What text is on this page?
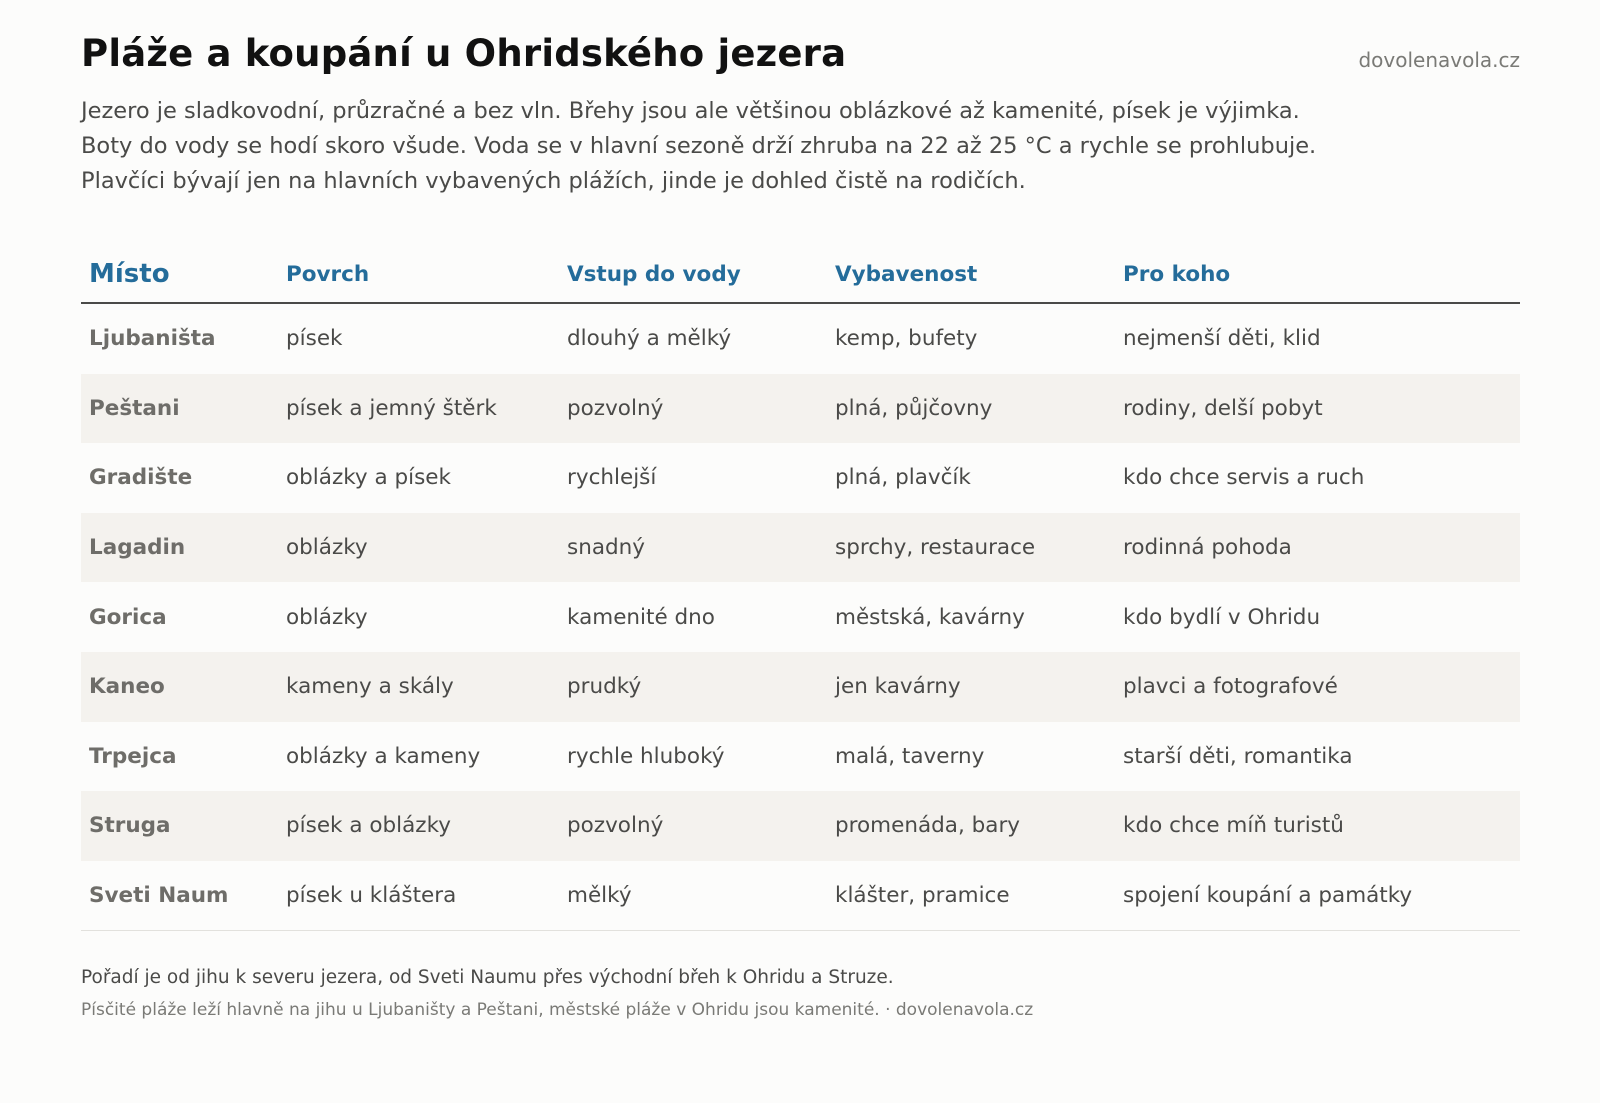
Pláže a koupání u Ohridského jezera	dovolenavola.cz
Jezero je sladkovodní, průzračné a bez vln. Břehy jsou ale většinou oblázkové až kamenité, písek je výjimka.
Boty do vody se hodí skoro všude. Voda se v hlavní sezoně drží zhruba na 22 až 25 °C a rychle se prohlubuje.
Plavčíci bývají jen na hlavních vybavených plážích, jinde je dohled čistě na rodičích.
Místo	Povrch	Vstup do vody	Vybavenost	Pro koho
Ljubaništa	písek	dlouhý a mělký	kemp, bufety	nejmenší děti, klid
Peštani	písek a jemný štěrk	pozvolný	plná, půjčovny	rodiny, delší pobyt
Gradište	oblázky a písek	rychlejší	plná, plavčík	kdo chce servis a ruch
Lagadin	oblázky	snadný	sprchy, restaurace	rodinná pohoda
Gorica	oblázky	kamenité dno	městská, kavárny	kdo bydlí v Ohridu
Kaneo	kameny a skály	prudký	jen kavárny	plavci a fotografové
Trpejca	oblázky a kameny	rychle hluboký	malá, taverny	starší děti, romantika
Struga	písek a oblázky	pozvolný	promenáda, bary	kdo chce míň turistů
Sveti Naum	písek u kláštera	mělký	klášter, pramice	spojení koupání a památky
Pořadí je od jihu k severu jezera, od Sveti Naumu přes východní břeh k Ohridu a Struze.
Písčité pláže leží hlavně na jihu u Ljubaništy a Peštani, městské pláže v Ohridu jsou kamenité. · dovolenavola.cz
